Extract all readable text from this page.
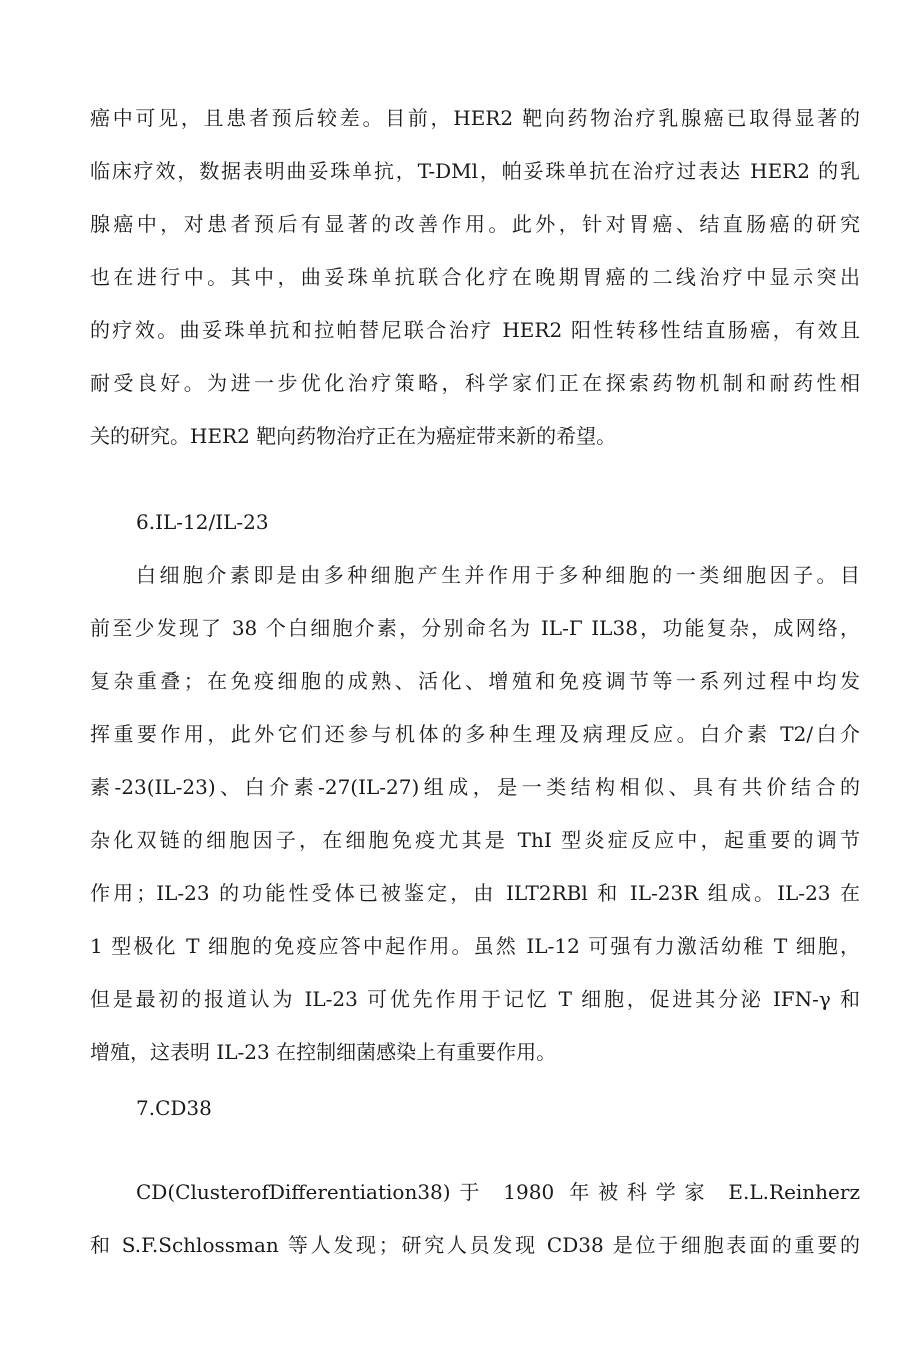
癌中可见，且患者预后较差。目前，HER2 靶向药物治疗乳腺癌已取得显著的
临床疗效，数据表明曲妥珠单抗，T-DMl，帕妥珠单抗在治疗过表达 HER2 的乳
腺癌中，对患者预后有显著的改善作用。此外，针对胃癌、结直肠癌的研究
也在进行中。其中，曲妥珠单抗联合化疗在晚期胃癌的二线治疗中显示突出
的疗效。曲妥珠单抗和拉帕替尼联合治疗 HER2 阳性转移性结直肠癌，有效且
耐受良好。为进一步优化治疗策略，科学家们正在探索药物机制和耐药性相
关的研究。HER2 靶向药物治疗正在为癌症带来新的希望。
6.IL-12/IL-23
白细胞介素即是由多种细胞产生并作用于多种细胞的一类细胞因子。目
前至少发现了 38 个白细胞介素，分别命名为 IL-Γ IL38，功能复杂，成网络，
复杂重叠；在免疫细胞的成熟、活化、增殖和免疫调节等一系列过程中均发
挥重要作用，此外它们还参与机体的多种生理及病理反应。白介素 T2/白介
素-23(IL-23)、白介素-27(IL-27)组成，是一类结构相似、具有共价结合的
杂化双链的细胞因子，在细胞免疫尤其是 ThI 型炎症反应中，起重要的调节
作用；IL-23 的功能性受体已被鉴定，由 ILT2RBl 和 IL-23R 组成。IL-23 在
1 型极化 T 细胞的免疫应答中起作用。虽然 IL-12 可强有力激活幼稚 T 细胞，
但是最初的报道认为 IL-23 可优先作用于记忆 T 细胞，促进其分泌 IFN-γ 和
增殖，这表明 IL-23 在控制细菌感染上有重要作用。
7.CD38
CD(ClusterofDifferentiation38)于 1980 年被科学家 E.L.Reinherz
和 S.F.Schlossman 等人发现；研究人员发现 CD38 是位于细胞表面的重要的
